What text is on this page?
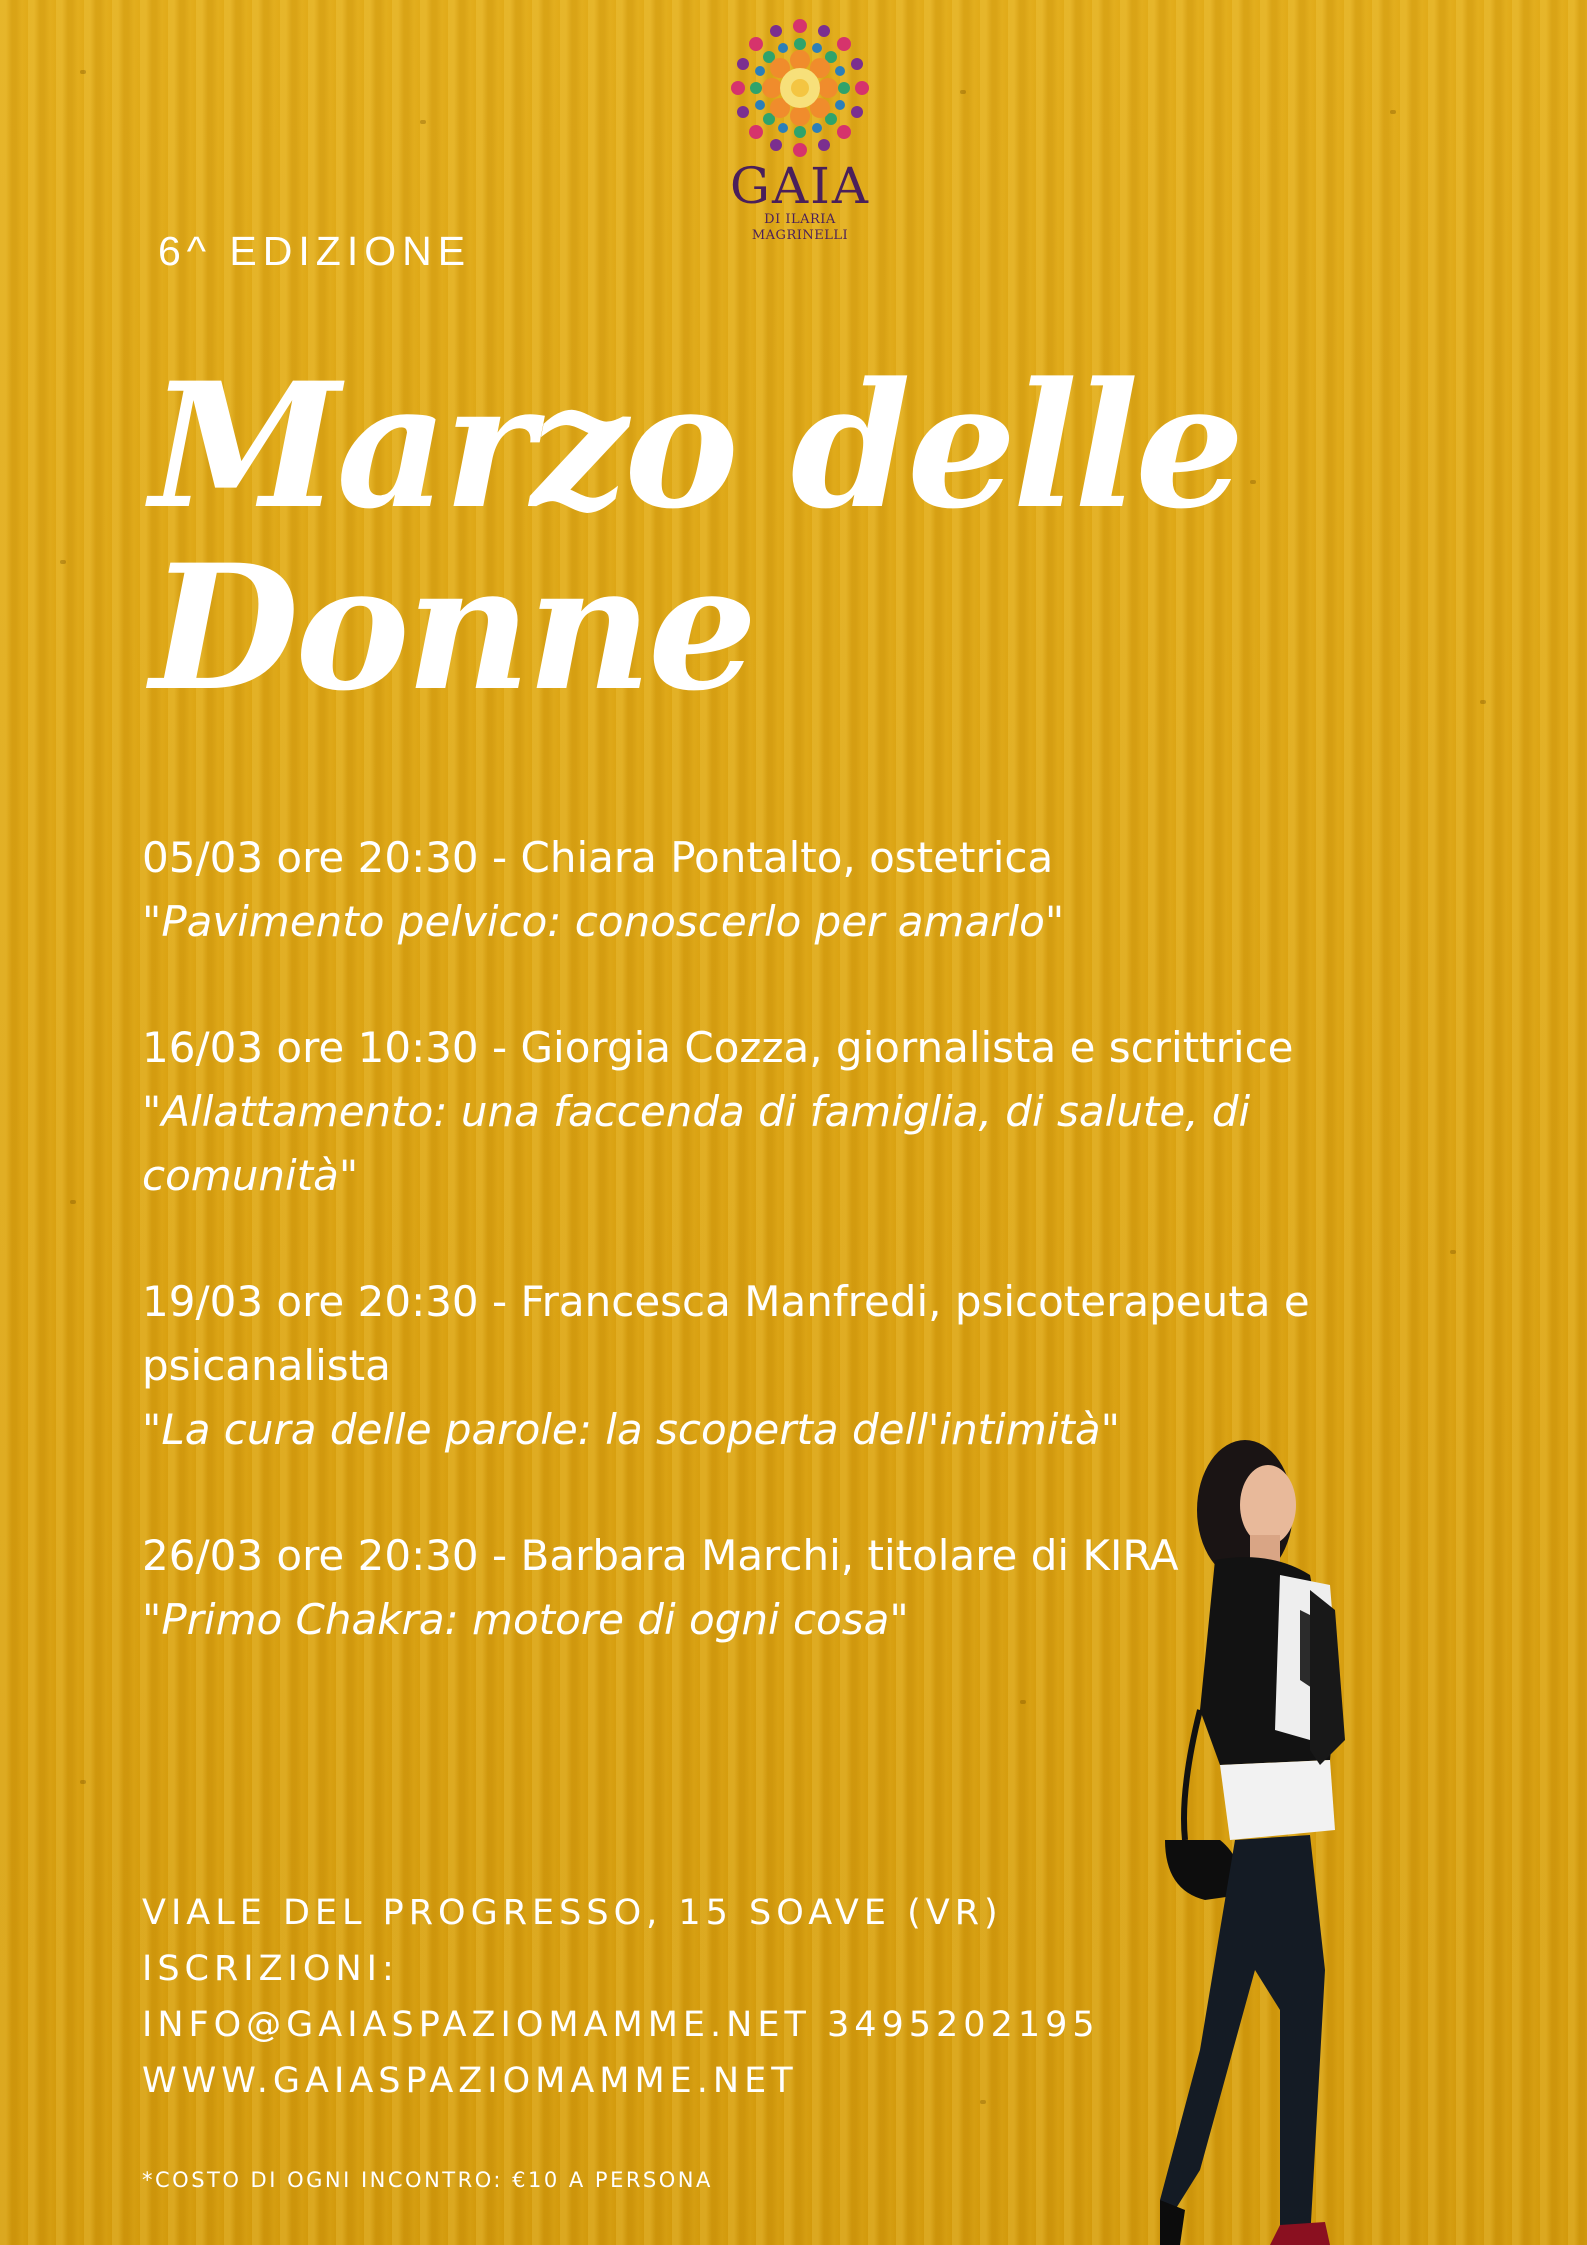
GAIA
DI ILARIA MAGRINELLI
6^ EDIZIONE
Marzo delle
Donne
05/03 ore 20:30 - Chiara Pontalto, ostetrica
"Pavimento pelvico: conoscerlo per amarlo"
16/03 ore 10:30 - Giorgia Cozza, giornalista e scrittrice
"Allattamento: una faccenda di famiglia, di salute, di comunità"
19/03 ore 20:30 - Francesca Manfredi, psicoterapeuta e psicanalista
"La cura delle parole: la scoperta dell'intimità"
26/03 ore 20:30 - Barbara Marchi, titolare di KIRA
"Primo Chakra: motore di ogni cosa"
VIALE DEL PROGRESSO, 15 SOAVE (VR)
ISCRIZIONI:
INFO@GAIASPAZIOMAMME.NET 3495202195
WWW.GAIASPAZIOMAMME.NET
*COSTO DI OGNI INCONTRO: €10 A PERSONA
